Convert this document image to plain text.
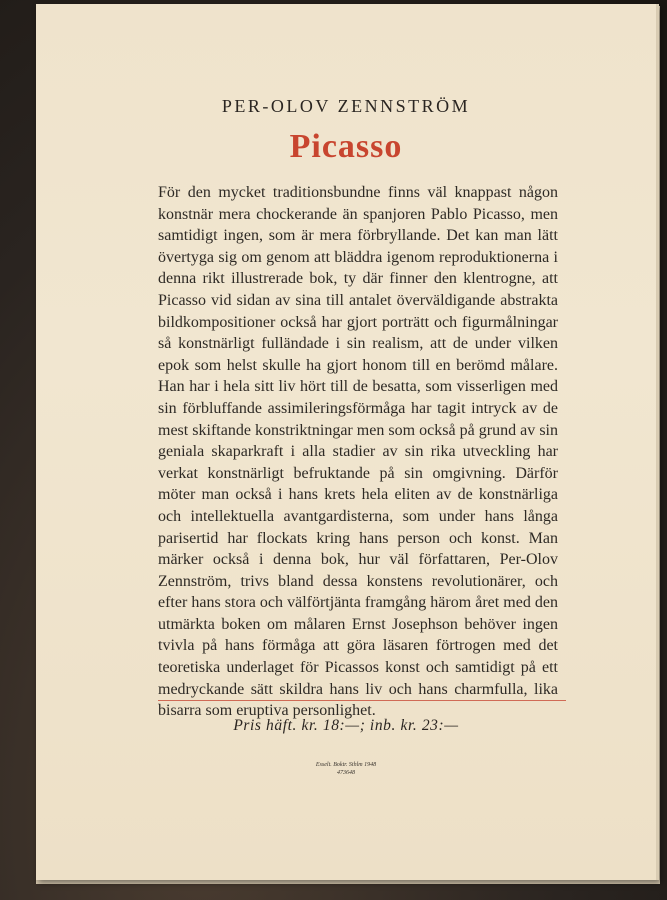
PER-OLOV ZENNSTRÖM
Picasso
För den mycket traditionsbundne finns väl knappast någon konstnär mera chockerande än spanjoren Pablo Picasso, men samtidigt ingen, som är mera förbryllande. Det kan man lätt övertyga sig om genom att bläddra igenom reproduktionerna i denna rikt illustrerade bok, ty där finner den klentrogne, att Picasso vid sidan av sina till antalet överväldigande abstrakta bildkompositioner också har gjort porträtt och figurmålningar så konstnärligt fulländade i sin realism, att de under vilken epok som helst skulle ha gjort honom till en berömd målare. Han har i hela sitt liv hört till de besatta, som visserligen med sin förbluffande assimileringsförmåga har tagit intryck av de mest skiftande konstriktningar men som också på grund av sin geniala skaparkraft i alla stadier av sin rika utveckling har verkat konstnärligt befruktande på sin omgivning. Därför möter man också i hans krets hela eliten av de konstnärliga och intellektuella avantgardisterna, som under hans långa parisertid har flockats kring hans person och konst. Man märker också i denna bok, hur väl författaren, Per-Olov Zennström, trivs bland dessa konstens revolutionärer, och efter hans stora och välförtjänta framgång härom året med den utmärkta boken om målaren Ernst Josephson behöver ingen tvivla på hans förmåga att göra läsaren förtrogen med det teoretiska underlaget för Picassos konst och samtidigt på ett medryckande sätt skildra hans liv och hans charmfulla, lika bisarra som eruptiva personlighet.
Pris häft. kr. 18:—; inb. kr. 23:—
Esselt. Boktr. Sthlm 1948
473648
